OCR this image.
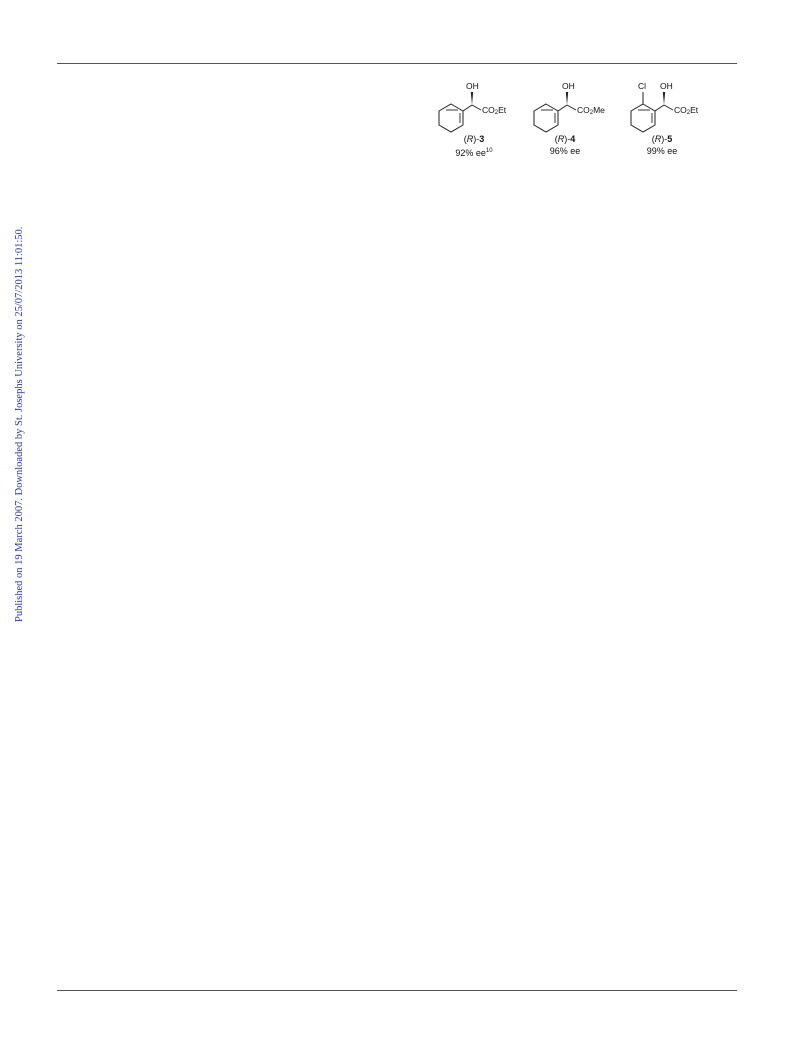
Published on 19 March 2007. Downloaded by St. Josephs University on 25/07/2013 11:01:50.
OH
$CO_2Et$
(R)-3
92% $ee^{10}$
OH
$CO_2Me$
(R)-4
96% ee
Cl OH
$CO_2Et$
(R)-5
99% ee
